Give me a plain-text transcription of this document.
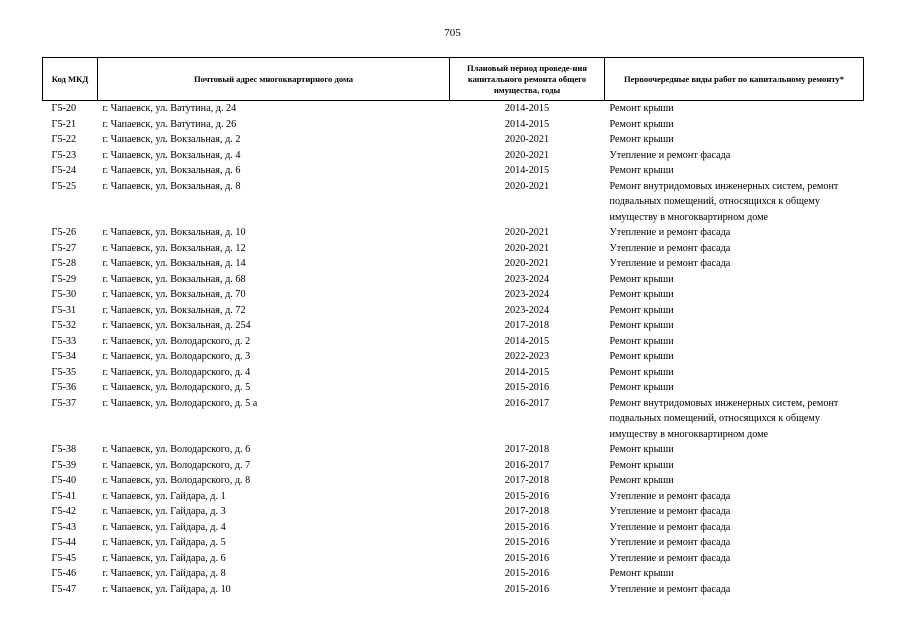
705
Код МКД	Почтовый адрес многоквартирного дома	Плановый период проведе-ния капитального ремонта общего имущества, годы	Первоочередные виды работ по капитальному ремонту*
Г5-20	г. Чапаевск, ул. Ватутина, д. 24	2014-2015	Ремонт крыши
Г5-21	г. Чапаевск, ул. Ватутина, д. 26	2014-2015	Ремонт крыши
Г5-22	г. Чапаевск, ул. Вокзальная, д. 2	2020-2021	Ремонт крыши
Г5-23	г. Чапаевск, ул. Вокзальная, д. 4	2020-2021	Утепление и ремонт фасада
Г5-24	г. Чапаевск, ул. Вокзальная, д. 6	2014-2015	Ремонт крыши
Г5-25	г. Чапаевск, ул. Вокзальная, д. 8	2020-2021	Ремонт внутридомовых инженерных систем, ремонт подвальных помещений, относящихся к общему имуществу в многоквартирном доме
Г5-26	г. Чапаевск, ул. Вокзальная, д. 10	2020-2021	Утепление и ремонт фасада
Г5-27	г. Чапаевск, ул. Вокзальная, д. 12	2020-2021	Утепление и ремонт фасада
Г5-28	г. Чапаевск, ул. Вокзальная, д. 14	2020-2021	Утепление и ремонт фасада
Г5-29	г. Чапаевск, ул. Вокзальная, д. 68	2023-2024	Ремонт крыши
Г5-30	г. Чапаевск, ул. Вокзальная, д. 70	2023-2024	Ремонт крыши
Г5-31	г. Чапаевск, ул. Вокзальная, д. 72	2023-2024	Ремонт крыши
Г5-32	г. Чапаевск, ул. Вокзальная, д. 254	2017-2018	Ремонт крыши
Г5-33	г. Чапаевск, ул. Володарского, д. 2	2014-2015	Ремонт крыши
Г5-34	г. Чапаевск, ул. Володарского, д. 3	2022-2023	Ремонт крыши
Г5-35	г. Чапаевск, ул. Володарского, д. 4	2014-2015	Ремонт крыши
Г5-36	г. Чапаевск, ул. Володарского, д. 5	2015-2016	Ремонт крыши
Г5-37	г. Чапаевск, ул. Володарского, д. 5 а	2016-2017	Ремонт внутридомовых инженерных систем, ремонт подвальных помещений, относящихся к общему имуществу в многоквартирном доме
Г5-38	г. Чапаевск, ул. Володарского, д. 6	2017-2018	Ремонт крыши
Г5-39	г. Чапаевск, ул. Володарского, д. 7	2016-2017	Ремонт крыши
Г5-40	г. Чапаевск, ул. Володарского, д. 8	2017-2018	Ремонт крыши
Г5-41	г. Чапаевск, ул. Гайдара, д. 1	2015-2016	Утепление и ремонт фасада
Г5-42	г. Чапаевск, ул. Гайдара, д. 3	2017-2018	Утепление и ремонт фасада
Г5-43	г. Чапаевск, ул. Гайдара, д. 4	2015-2016	Утепление и ремонт фасада
Г5-44	г. Чапаевск, ул. Гайдара, д. 5	2015-2016	Утепление и ремонт фасада
Г5-45	г. Чапаевск, ул. Гайдара, д. 6	2015-2016	Утепление и ремонт фасада
Г5-46	г. Чапаевск, ул. Гайдара, д. 8	2015-2016	Ремонт крыши
Г5-47	г. Чапаевск, ул. Гайдара, д. 10	2015-2016	Утепление и ремонт фасада
